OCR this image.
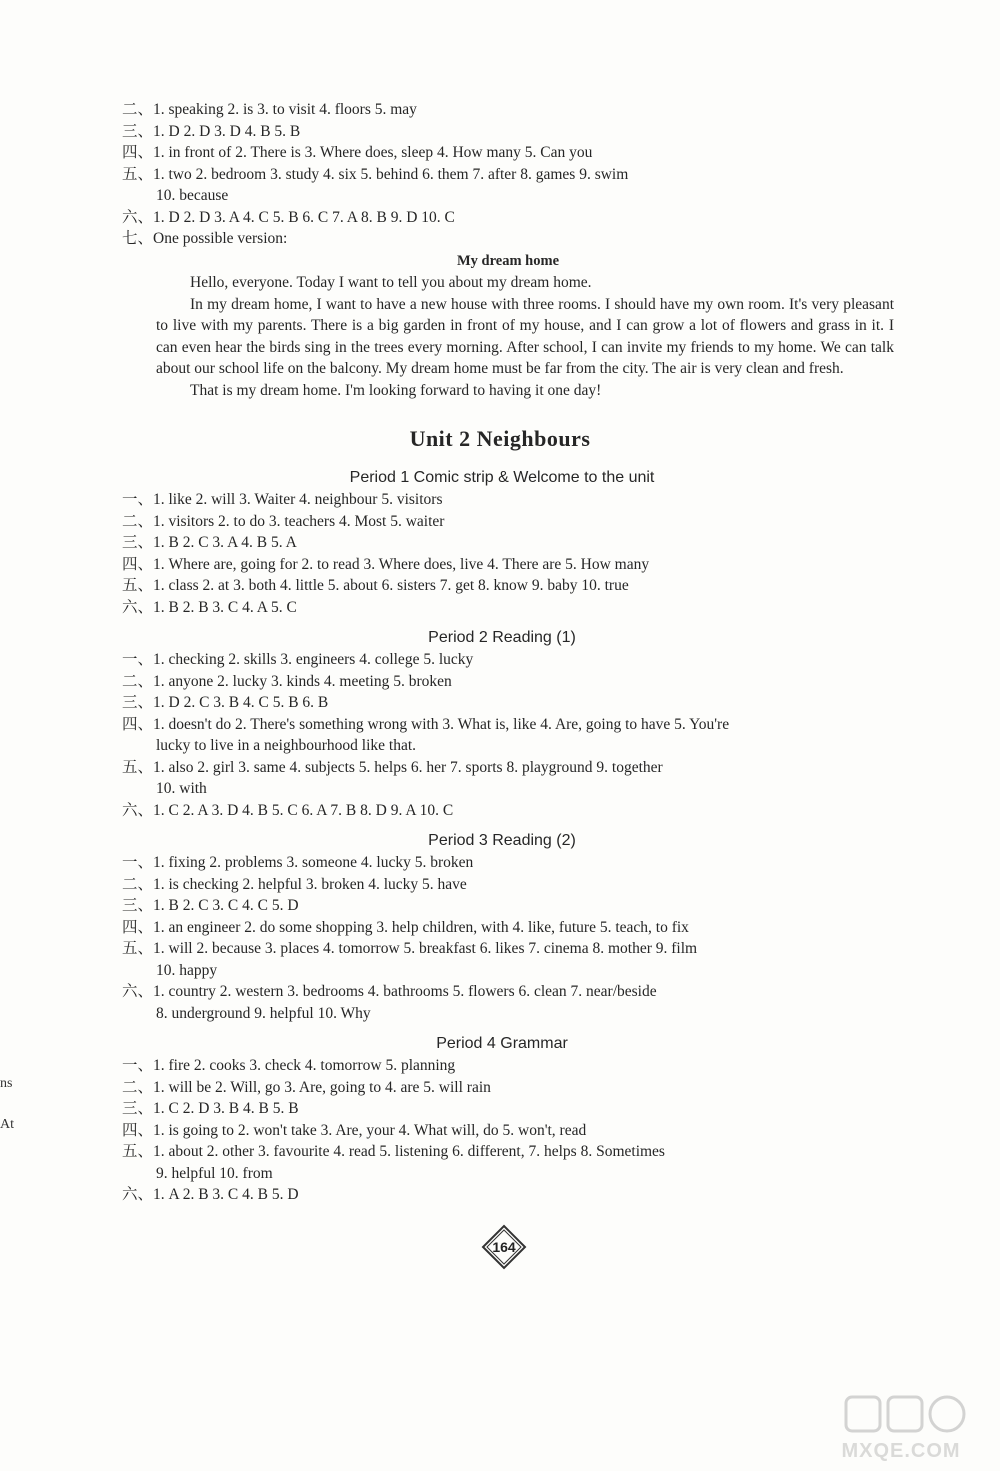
二、1. speaking 2. is 3. to visit 4. floors 5. may
三、1. D 2. D 3. D 4. B 5. B
四、1. in front of 2. There is 3. Where does, sleep 4. How many 5. Can you
五、1. two 2. bedroom 3. study 4. six 5. behind 6. them 7. after 8. games 9. swim
10. because
六、1. D 2. D 3. A 4. C 5. B 6. C 7. A 8. B 9. D 10. C
七、One possible version:
My dream home
Hello, everyone. Today I want to tell you about my dream home.
In my dream home, I want to have a new house with three rooms. I should have my own room. It's very pleasant to live with my parents. There is a big garden in front of my house, and I can grow a lot of flowers and grass in it. I can even hear the birds sing in the trees every morning. After school, I can invite my friends to my home. We can talk about our school life on the balcony. My dream home must be far from the city. The air is very clean and fresh.
That is my dream home. I'm looking forward to having it one day!
Unit 2 Neighbours
Period 1 Comic strip & Welcome to the unit
一、1. like 2. will 3. Waiter 4. neighbour 5. visitors
二、1. visitors 2. to do 3. teachers 4. Most 5. waiter
三、1. B 2. C 3. A 4. B 5. A
四、1. Where are, going for 2. to read 3. Where does, live 4. There are 5. How many
五、1. class 2. at 3. both 4. little 5. about 6. sisters 7. get 8. know 9. baby 10. true
六、1. B 2. B 3. C 4. A 5. C
Period 2 Reading (1)
一、1. checking 2. skills 3. engineers 4. college 5. lucky
二、1. anyone 2. lucky 3. kinds 4. meeting 5. broken
三、1. D 2. C 3. B 4. C 5. B 6. B
四、1. doesn't do 2. There's something wrong with 3. What is, like 4. Are, going to have 5. You're
lucky to live in a neighbourhood like that.
五、1. also 2. girl 3. same 4. subjects 5. helps 6. her 7. sports 8. playground 9. together
10. with
六、1. C 2. A 3. D 4. B 5. C 6. A 7. B 8. D 9. A 10. C
Period 3 Reading (2)
一、1. fixing 2. problems 3. someone 4. lucky 5. broken
二、1. is checking 2. helpful 3. broken 4. lucky 5. have
三、1. B 2. C 3. C 4. C 5. D
四、1. an engineer 2. do some shopping 3. help children, with 4. like, future 5. teach, to fix
五、1. will 2. because 3. places 4. tomorrow 5. breakfast 6. likes 7. cinema 8. mother 9. film
10. happy
六、1. country 2. western 3. bedrooms 4. bathrooms 5. flowers 6. clean 7. near/beside
8. underground 9. helpful 10. Why
Period 4 Grammar
一、1. fire 2. cooks 3. check 4. tomorrow 5. planning
二、1. will be 2. Will, go 3. Are, going to 4. are 5. will rain
三、1. C 2. D 3. B 4. B 5. B
四、1. is going to 2. won't take 3. Are, your 4. What will, do 5. won't, read
五、1. about 2. other 3. favourite 4. read 5. listening 6. different, 7. helps 8. Sometimes
9. helpful 10. from
六、1. A 2. B 3. C 4. B 5. D
164
ns
At
MXQE.COM
